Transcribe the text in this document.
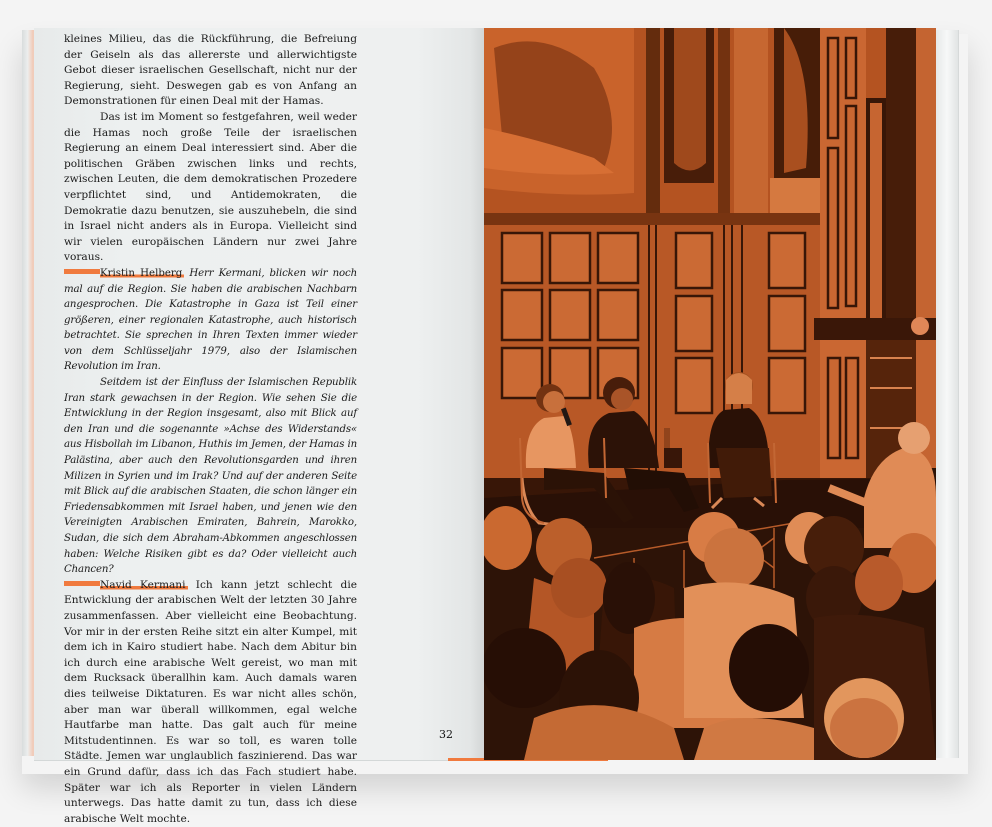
kleines Milieu, das die Rückführung, die Befreiung der Geiseln als das allererste und allerwichtigste Gebot dieser israelischen Gesellschaft, nicht nur der Regierung, sieht. Deswegen gab es von Anfang an Demonstrationen für einen Deal mit der Hamas.

Das ist im Moment so festgefahren, weil weder die Hamas noch große Teile der israelischen Regierung an einem Deal interessiert sind. Aber die politischen Gräben zwischen links und rechts, zwischen Leuten, die dem demokratischen Prozedere verpflichtet sind, und Antidemokraten, die Demokratie dazu benutzen, sie auszuhebeln, die sind in Israel nicht anders als in Europa. Vielleicht sind wir vielen europäischen Ländern nur zwei Jahre voraus.

Kristin Helberg Herr Kermani, blicken wir noch mal auf die Region. Sie haben die arabischen Nachbarn angesprochen. Die Katastrophe in Gaza ist Teil einer größeren, einer regionalen Katastrophe, auch historisch betrachtet. Sie sprechen in Ihren Texten immer wieder von dem Schlüsseljahr 1979, also der Islamischen Revolution im Iran.

Seitdem ist der Einfluss der Islamischen Republik Iran stark gewachsen in der Region. Wie sehen Sie die Entwicklung in der Region insgesamt, also mit Blick auf den Iran und die sogenannte »Achse des Widerstands« aus Hisbollah im Libanon, Huthis im Jemen, der Hamas in Palästina, aber auch den Revolutionsgarden und ihren Milizen in Syrien und im Irak? Und auf der anderen Seite mit Blick auf die arabischen Staaten, die schon länger ein Friedensabkommen mit Israel haben, und jenen wie den Vereinigten Arabischen Emiraten, Bahrein, Marokko, Sudan, die sich dem Abraham-Abkommen angeschlossen haben: Welche Risiken gibt es da? Oder vielleicht auch Chancen?

Navid Kermani Ich kann jetzt schlecht die Entwicklung der arabischen Welt der letzten 30 Jahre zusammenfassen. Aber vielleicht eine Beobachtung. Vor mir in der ersten Reihe sitzt ein alter Kumpel, mit dem ich in Kairo studiert habe. Nach dem Abitur bin ich durch eine arabische Welt gereist, wo man mit dem Rucksack überallhin kam. Auch damals waren dies teilweise Diktaturen. Es war nicht alles schön, aber man war überall willkommen, egal welche Hautfarbe man hatte. Das galt auch für meine Mitstudentinnen. Es war so toll, es waren tolle Städte. Jemen war unglaublich faszinierend. Das war ein Grund dafür, dass ich das Fach studiert habe. Später war ich als Reporter in vielen Ländern unterwegs. Das hatte damit zu tun, dass ich diese arabische Welt mochte.

32
